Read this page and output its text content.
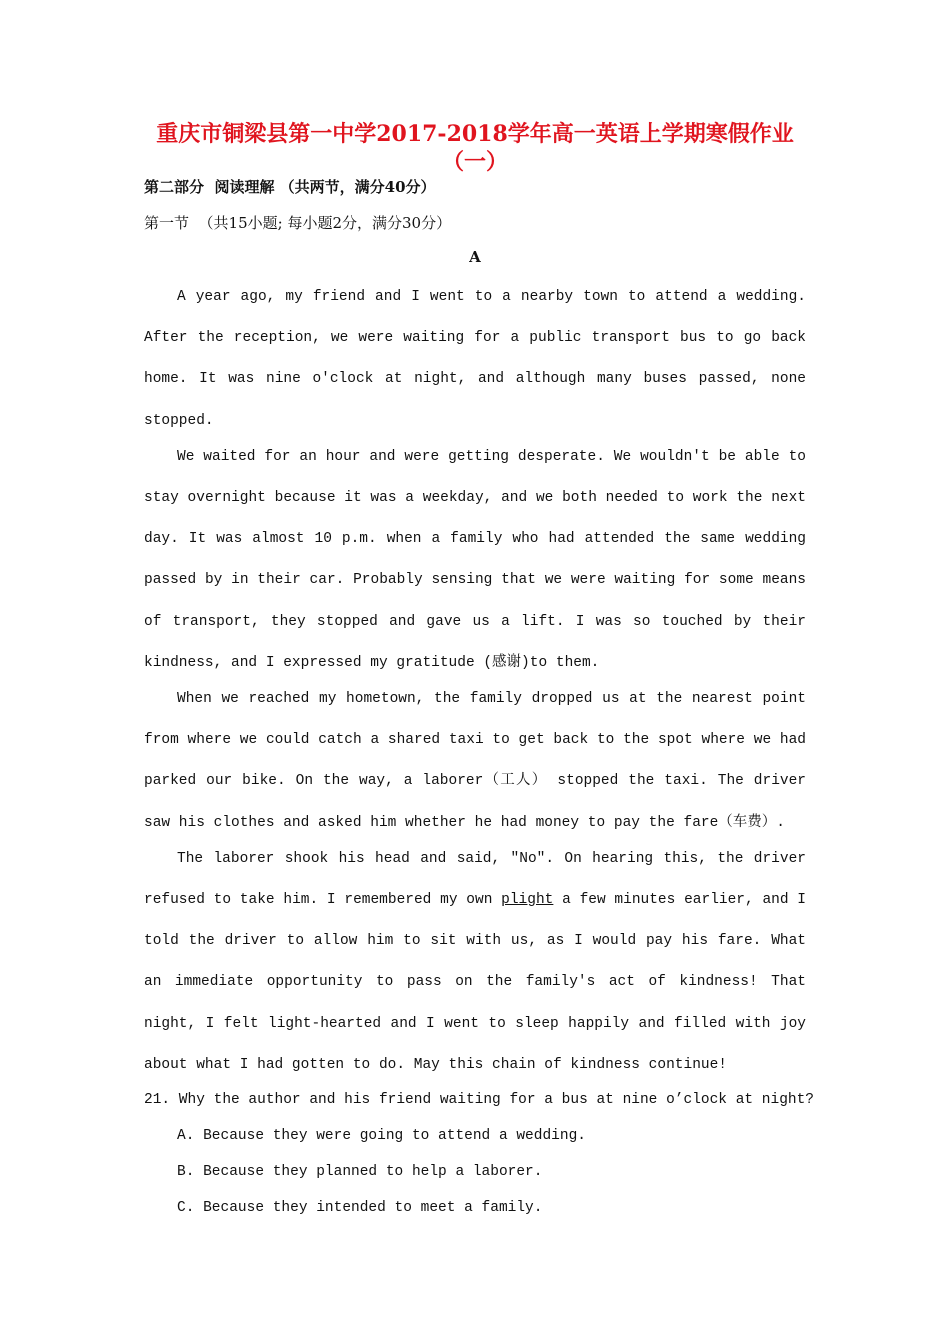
重庆市铜梁县第一中学2017-2018学年高一英语上学期寒假作业
（一）
第二部分  阅读理解 （共两节，满分40分）
第一节  （共15小题; 每小题2分，满分30分）
A

A year ago, my friend and I went to a nearby town to attend a wedding. After the reception, we were waiting for a public transport bus to go back home. It was nine o'clock at night, and although many buses passed, none stopped.

We waited for an hour and were getting desperate. We wouldn't be able to stay overnight because it was a weekday, and we both needed to work the next day. It was almost 10 p.m. when a family who had attended the same wedding passed by in their car. Probably sensing that we were waiting for some means of transport, they stopped and gave us a lift. I was so touched by their kindness, and I expressed my gratitude (感谢)to them.

When we reached my hometown, the family dropped us at the nearest point from where we could catch a shared taxi to get back to the spot where we had parked our bike. On the way, a laborer（工人） stopped the taxi. The driver saw his clothes and asked him whether he had money to pay the fare（车费）.

The laborer shook his head and said, "No". On hearing this, the driver refused to take him. I remembered my own plight a few minutes earlier, and I told the driver to allow him to sit with us, as I would pay his fare. What an immediate opportunity to pass on the family's act of kindness! That night, I felt light-hearted and I went to sleep happily and filled with joy about what I had gotten to do. May this chain of kindness continue!

21. Why the author and his friend waiting for a bus at nine o’clock at night?
A. Because they were going to attend a wedding.
B. Because they planned to help a laborer.
C. Because they intended to meet a family.
